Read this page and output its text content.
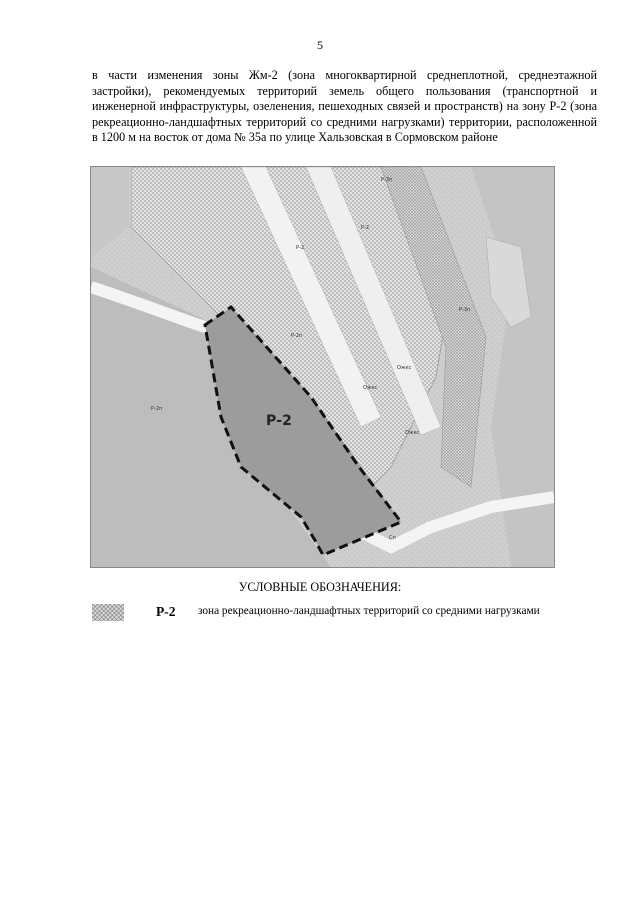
5

в части изменения зоны Жм-2 (зона многоквартирной среднеплотной, среднеэтажной застройки), рекомендуемых территорий земель общего пользования (транспортной и инженерной инфраструктуры, озеленения, пешеходных связей и пространств) на зону Р-2 (зона рекреационно-ландшафтных территорий со средними нагрузками) территории, расположенной в 1200 м на восток от дома № 35а по улице Хальзовская в Сормовском районе

Р-2
Р-3п
Р-2
Р-2
Р-2п
Р-3п
Р-2п
Ожкс
Ожкс
Ожкс
Сп
УСЛОВНЫЕ ОБОЗНАЧЕНИЯ:
Р-2 зона рекреационно-ландшафтных территорий со средними нагрузками
